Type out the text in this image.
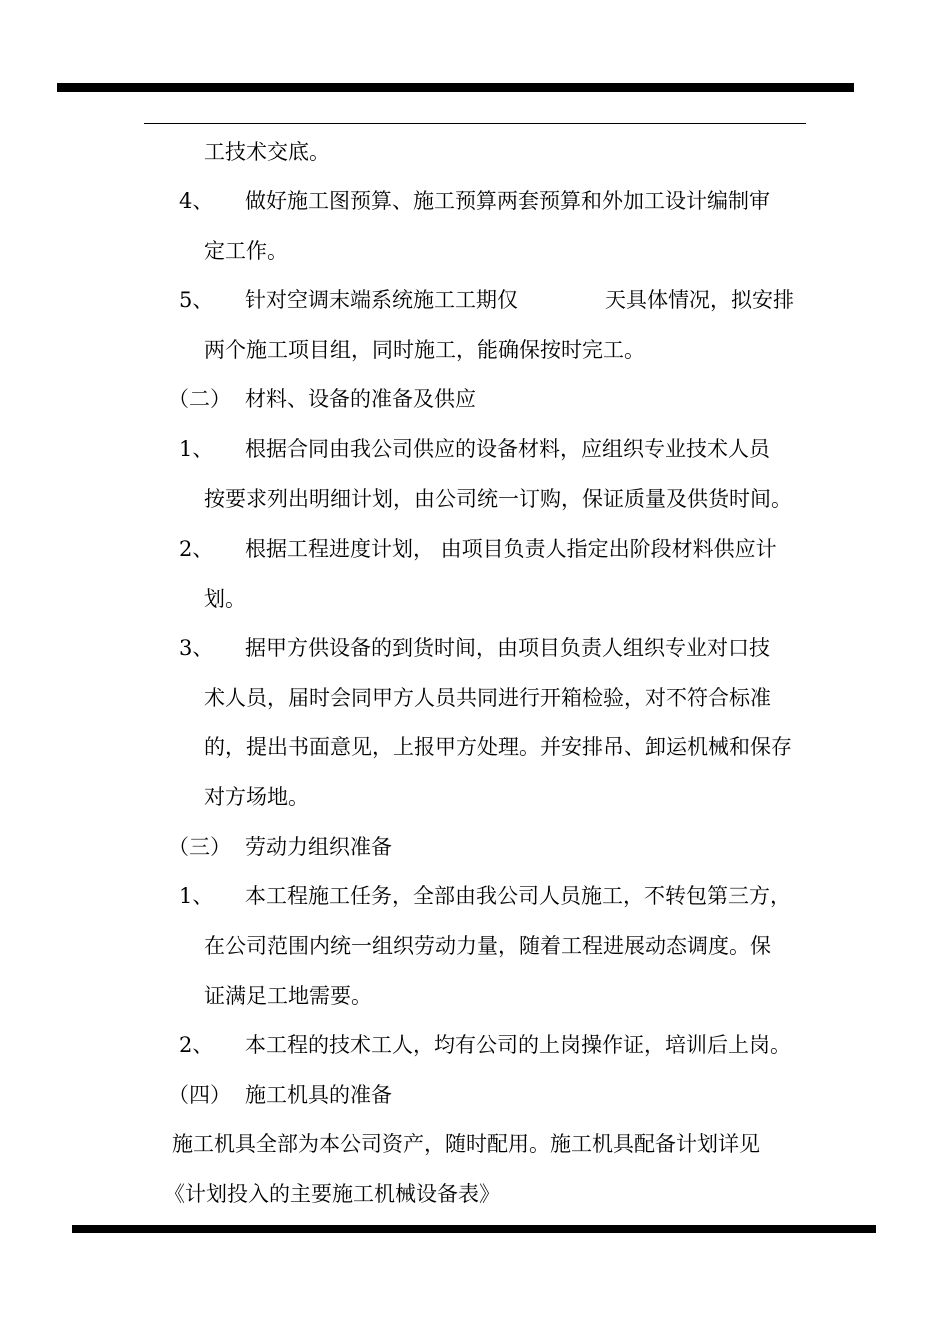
工技术交底。
4、 做好施工图预算、施工预算两套预算和外加工设计编制审
定工作。
5、 针对空调末端系统施工工期仅	天具体情况，拟安排
两个施工项目组，同时施工，能确保按时完工。
（二） 材料、设备的准备及供应
1、 根据合同由我公司供应的设备材料，应组织专业技术人员
按要求列出明细计划，由公司统一订购，保证质量及供货时间。
2、 根据工程进度计划， 由项目负责人指定出阶段材料供应计
划。
3、 据甲方供设备的到货时间，由项目负责人组织专业对口技
术人员，届时会同甲方人员共同进行开箱检验，对不符合标准
的，提出书面意见，上报甲方处理。并安排吊、卸运机械和保存
对方场地。
（三） 劳动力组织准备
1、 本工程施工任务，全部由我公司人员施工，不转包第三方，
在公司范围内统一组织劳动力量，随着工程进展动态调度。保
证满足工地需要。
2、 本工程的技术工人，均有公司的上岗操作证，培训后上岗。
（四） 施工机具的准备
施工机具全部为本公司资产，随时配用。施工机具配备计划详见
《计划投入的主要施工机械设备表》
